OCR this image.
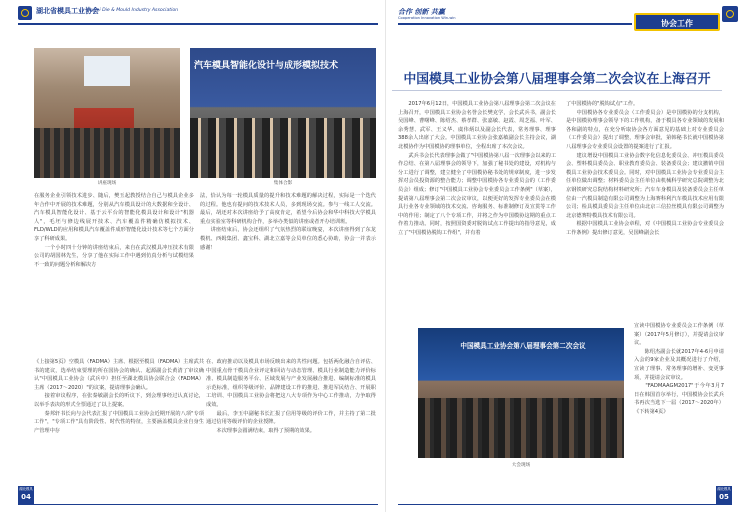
湖北省模具工业协会
HuBei Die & Mould Industry Association	合作 创新 共赢
Cooperation Innovation Win-win
协会工作
讲座现场
汽车模具智能化设计与成形模拟技术
集体合影
在服务企业引领技术进步、随后，樊玉起教授结合自己与模具企业多年合作中开展的技术难题，分别从汽车模具设计的大数据和全设计、汽车模具智能化设计、基于云平台的智能化模具设计和设计"机器人"，毛坯与修边线展开技术、汽车覆盖件精确仿模拟技术、FLD/WLD的应用和模具汽车覆盖件成形智能化设计技术等七个方面分享了科研成果。
　　一个小时四十分钟的讲座结束后，来自在武汉模具冲压技术有限公司的胡国林先生，分享了他在实际工作中遇到仿真分析与试模结果不一致的问题分析和解决方
法，恰认为每一轮模具质量的提升和技术难题的解决过程，实际是一个迭代的过程。他也有提问的技术技术人员，多到现场交流。参与一线工人交流。最后，胡还对本次讲座给予了高度肯定，希望今后协会和华中科技大学模具重点实验室等科研机构合作，多举办类似的讲座或者开办培训班。
　　讲座结束后，协会还组织了气氛热烈的联谊晚宴，本次讲座得到了东龙模机、西姆集团、鑫宝科、湖北立嘉等会员单位的悉心协助，协会一并表示感谢！
《上接第5页》空模具（FADMA）主席、根据至模具（FADMA）主席武共书的建议，选举结束要理的所在国协会的确认、起源副会长黄清了审议确认"中国模具工业协会（武兵中）担任至湖北模具协会联合会（FADMA）主席（2017～2020）"的议案，提请理事会确认。
　　接着审议程序，在张秦敏副会长的听议下，到会理事经过认真讨论，以举手表决的形式全票通过了以上提案。
　　秦邦轩书长向与会代表汇报了中国模具工业协会近期开展的八项"专项工作"，"专项工作"具有阶段性、时代性的特征，主要涵盖模具企业自身生产管理中存
在、政府推动以及模具市场反映出来的共性问题。包括两化融合自评估、中国重点骨干模具企业评定和回访与动态管理、模具行业制造能力评价标准、模具制造服务平台、区域发展与产业发展融合推进、编制标准的模具示范标准，组织等级评价、品牌建设工作的推进、推进军民结合、开展职工培训、中国模具工业协会将把这八大专项作为中心工作推动，力争取得成效。
　　最后，李玉中副秘书长汇报了信用等级的评价工作，并主持了第二批通过信用等级评价的企业授牌。
　　本次理事会圆满结束，取得了预期的效果。
湖北模具
04
中国模具工业协会第八届理事会第二次会议在上海召开
　　2017年6月12日，中国模具工业协会第八届理事会第二次会议在上海召开，中国模具工业协会名誉会长樊克学，会长武兵书，副会长吴国峰、曹曙峰、陈绍杰、蔡孝群、张嘉敏、赵霞、周芝福、叶军、余秀慧、武军、王义华、虞伟炳以及副会长代表，常务理事、理事388余人出席了大会。中国模具工业协会张嘉敏副会长主持会议，湖北模协作为中国模协的理事单位，全程出席了本次会议。
　　武兵书会长代表理事会做了"中国模协第八届一次理事会以来的工作总结、在第八届理事会的领导下，加强了秘书处的建设，对机构与分工进行了调整，建立健全了中国模协秘书处的规章制度，进一步发挥对会员投资源的整合能力；调整中国模协各专业委员会的（工作委员会）组成；修订"中国模具工业协会专业委员会工作条例"（草案），提请第八届理事会第二次会议审议，以便更好的发挥专业委员会在模具行业各专业领域的技术交流、咨询服务、标准制修订及宣贯等工作中的作用；制定了八个专项工作，并将之作为中国模协这期的重点工作着力推动。同时，按照国资委对脱钩试点工作提出的指导意见，成立了"中国模协脱钩工作组"，并有着
了中国模协的"脱钩试点"工作。
　　中国模协各专业委员会（工作委员会）是中国模协的分支机构，是中国模协理事会领导下的工作机构，备于模具各专业领域的发展和各和副的特点，在充分听取协会各方面意见的基础上对专业委员会（工作委员会）提出了调整，理事会审批，第韩秘书长就中国模协第八届理事会专业委员会设置的提案进行了汇报。
　　建议增设中国模具工业协会数字化信息化委员会、冲压模具委员会、塑料模具委员会、职业教育委员会、装备委员会；建议撤销中国模具工业协会技术委员会。同时，对中国模具工业协会专业委员会主任单位做出调整；材料委员会主任单位由机械科学研究总院调整为北京钢铁研究总院结构材料研究所；汽车车身模具及装备委员会主任单位由一汽模具制造有限公司调整为上海赛科利汽车模具技术应用有限公司；检具模具委员会主任单位由北京三信拉丝模具有限公司调整为北京德赛特模具技术有限公司。
　　根据中国模具工业协会章程，对《中国模具工业协会专业委员会工作条例》提出修订意见，吴国峰副会长
中国模具工业协会第八届理事会第二次会议
大会现场
宣读中国模协专业委员会工作条例（草案）（2017年5月修订），并提请会议审议。
　　陈绍杰副会长就2017年4-6月申请入会的9家企业及其概况进行了介绍，宣读了理事、常务理事的增补、变更事项，并提请会议审议。
　　"FADMAAGM2017"于今年3月7日在韩国首尔举行，中国模协会长武兵书再次当选下一届（2017～2020年）《下转第4页》
湖北模具
05
